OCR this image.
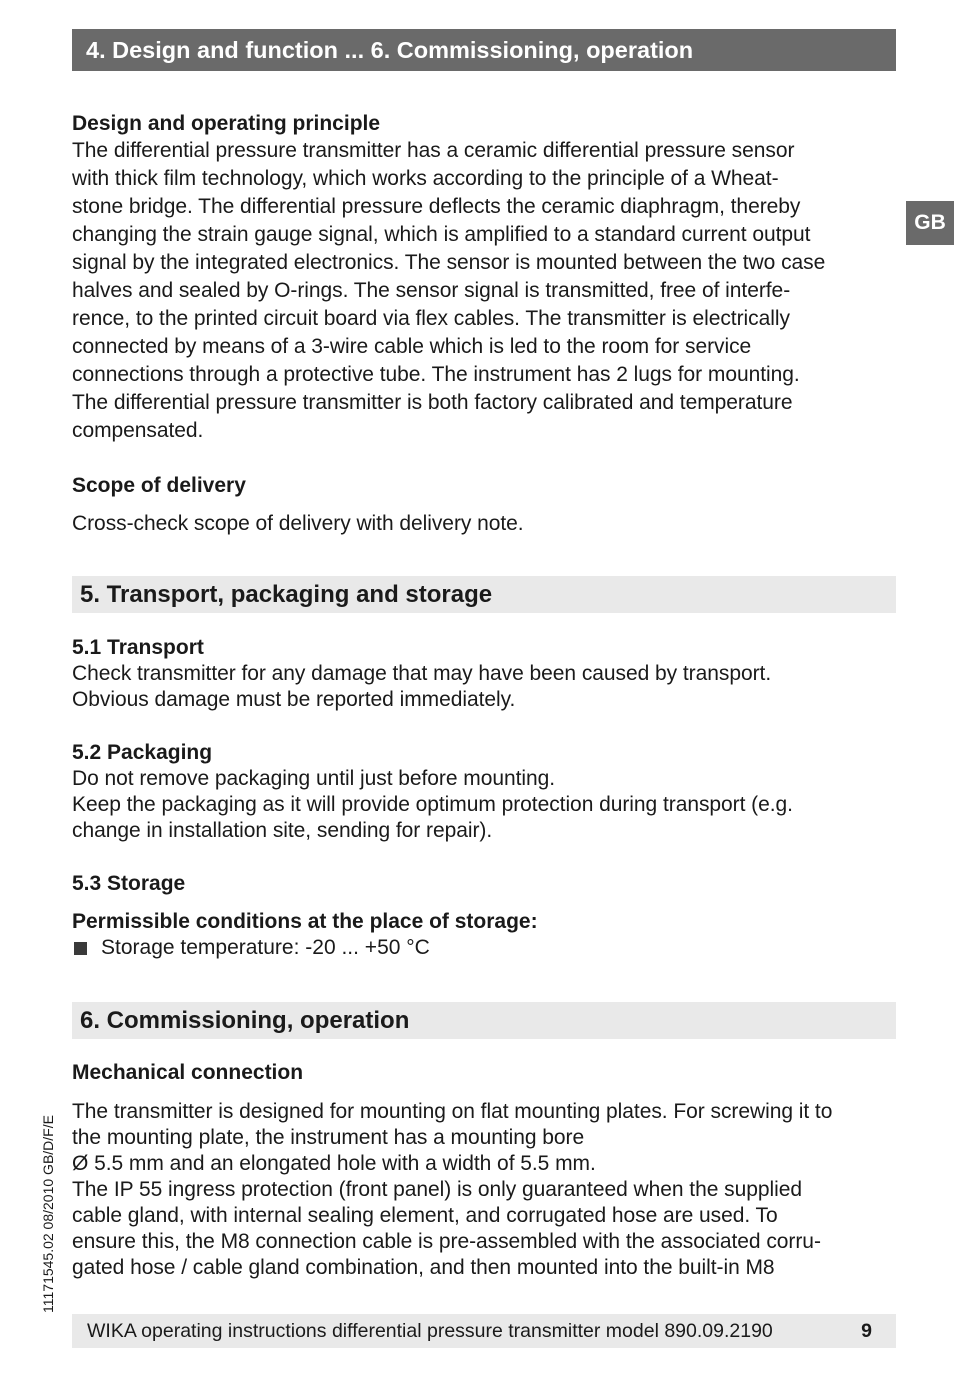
4. Design and function ... 6. Commissioning, operation
GB

Design and operating principle

The differential pressure transmitter has a ceramic differential pressure sensor
with thick film technology, which works according to the principle of a Wheat-
stone bridge. The differential pressure deflects the ceramic diaphragm, thereby
changing the strain gauge signal, which is amplified to a standard current output
signal by the integrated electronics. The sensor is mounted between the two case
halves and sealed by O-rings. The sensor signal is transmitted, free of interfe-
rence, to the printed circuit board via flex cables. The transmitter is electrically
connected by means of a 3-wire cable which is led to the room for service
connections through a protective tube. The instrument has 2 lugs for mounting.
The differential pressure transmitter is both factory calibrated and temperature
compensated.

Scope of delivery

Cross-check scope of delivery with delivery note.

5. Transport, packaging and storage

5.1 Transport

Check transmitter for any damage that may have been caused by transport.
Obvious damage must be reported immediately.

5.2 Packaging

Do not remove packaging until just before mounting.
Keep the packaging as it will provide optimum protection during transport (e.g.
change in installation site, sending for repair).

5.3 Storage

Permissible conditions at the place of storage:

Storage temperature: -20 ... +50 °C
6. Commissioning, operation

Mechanical connection

The transmitter is designed for mounting on flat mounting plates. For screwing it to
the mounting plate, the instrument has a mounting bore
Ø 5.5 mm and an elongated hole with a width of 5.5 mm.
The IP 55 ingress protection (front panel) is only guaranteed when the supplied
cable gland, with internal sealing element, and corrugated hose are used. To
ensure this, the M8 connection cable is pre-assembled with the associated corru-
gated hose / cable gland combination, and then mounted into the built-in M8

11171545.02 08/2010 GB/D/F/E
WIKA operating instructions differential pressure transmitter model 890.09.2190	9
